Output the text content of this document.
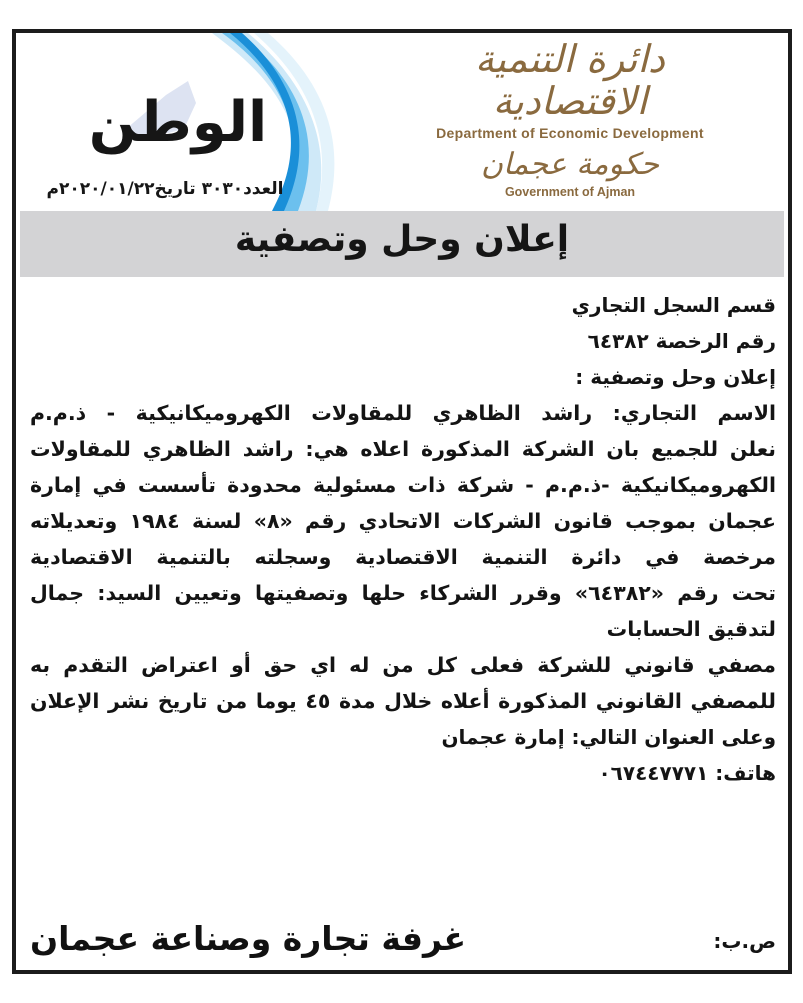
الوطن
العدد٣٠٣٠ تاريخ٢٠٢٠/٠١/٢٢م
دائرة التنمية الاقتصادية
Department of Economic Development
حكومة عجمان
Government of Ajman
إعلان وحل وتصفية
قسم السجل التجاري
رقم الرخصة ٦٤٣٨٢
إعلان وحل وتصفية :
الاسم التجاري: راشد الظاهري للمقاولات الكهروميكانيكية - ذ.م.م
نعلن للجميع بان الشركة المذكورة اعلاه هي: راشد الظاهري للمقاولات
الكهروميكانيكية -ذ.م.م - شركة ذات مسئولية محدودة تأسست في إمارة
عجمان بموجب قانون الشركات الاتحادي رقم «٨» لسنة ١٩٨٤ وتعديلاته
مرخصة في دائرة التنمية الاقتصادية وسجلته بالتنمية الاقتصادية
تحت رقم «٦٤٣٨٢» وقرر الشركاء حلها وتصفيتها وتعيين السيد: جمال
لتدقيق الحسابات
مصفي قانوني للشركة فعلى كل من له اي حق أو اعتراض التقدم به
للمصفي القانوني المذكورة أعلاه خلال مدة ٤٥ يوما من تاريخ نشر الإعلان
وعلى العنوان التالي: إمارة عجمان
هاتف: ٠٦٧٤٤٧٧٧١
ص.ب:
غرفة تجارة وصناعة عجمان
